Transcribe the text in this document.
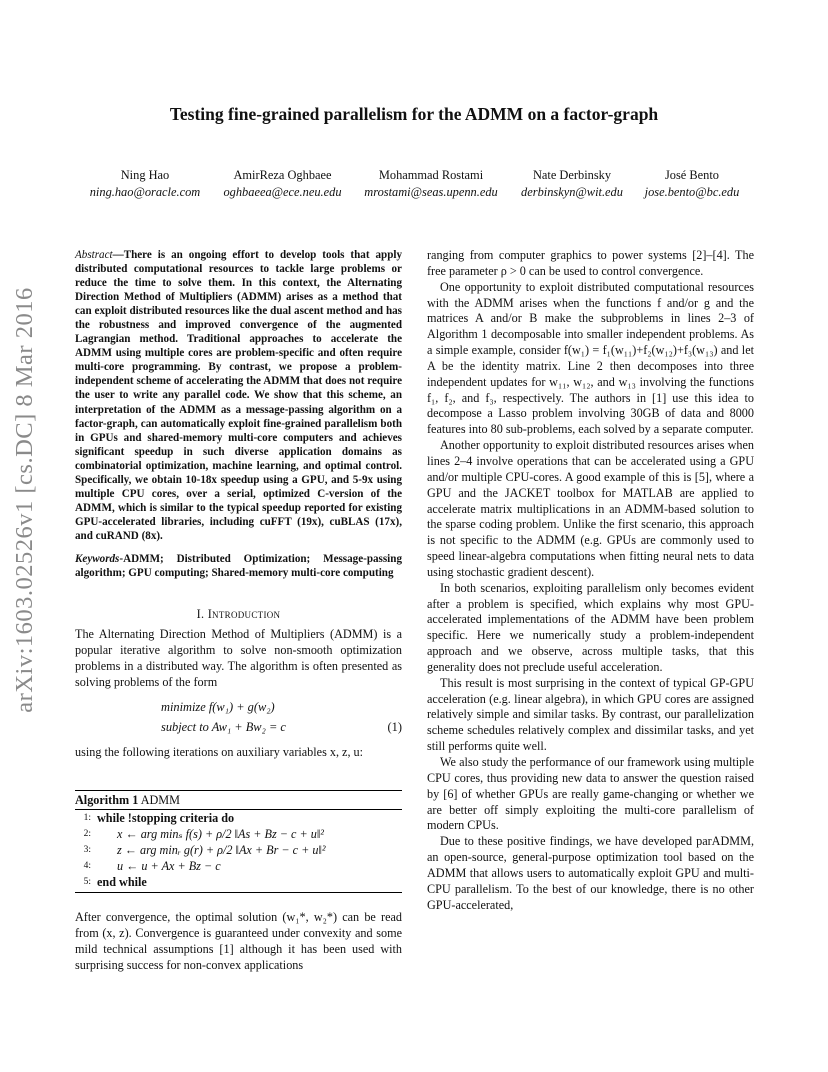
Testing fine-grained parallelism for the ADMM on a factor-graph
Ning Hao
ning.hao@oracle.com
AmirReza Oghbaee
oghbaeea@ece.neu.edu
Mohammad Rostami
mrostami@seas.upenn.edu
Nate Derbinsky
derbinskyn@wit.edu
José Bento
jose.bento@bc.edu
arXiv:1603.02526v1 [cs.DC] 8 Mar 2016
Abstract—There is an ongoing effort to develop tools that apply distributed computational resources to tackle large problems or reduce the time to solve them. In this context, the Alternating Direction Method of Multipliers (ADMM) arises as a method that can exploit distributed resources like the dual ascent method and has the robustness and improved convergence of the augmented Lagrangian method. Traditional approaches to accelerate the ADMM using multiple cores are problem-specific and often require multi-core programming. By contrast, we propose a problem-independent scheme of accelerating the ADMM that does not require the user to write any parallel code. We show that this scheme, an interpretation of the ADMM as a message-passing algorithm on a factor-graph, can automatically exploit fine-grained parallelism both in GPUs and shared-memory multi-core computers and achieves significant speedup in such diverse application domains as combinatorial optimization, machine learning, and optimal control. Specifically, we obtain 10-18x speedup using a GPU, and 5-9x using multiple CPU cores, over a serial, optimized C-version of the ADMM, which is similar to the typical speedup reported for existing GPU-accelerated libraries, including cuFFT (19x), cuBLAS (17x), and cuRAND (8x).
Keywords-ADMM; Distributed Optimization; Message-passing algorithm; GPU computing; Shared-memory multi-core computing
I. Introduction
The Alternating Direction Method of Multipliers (ADMM) is a popular iterative algorithm to solve non-smooth optimization problems in a distributed way. The algorithm is often presented as solving problems of the form
minimize f(w₁) + g(w₂)
subject to Aw₁ + Bw₂ = c	(1)
using the following iterations on auxiliary variables x, z, u:
Algorithm 1 ADMM
1: while !stopping criteria do
2: x ← arg minₛ f(s) + ρ/2 ‖As + Bz − c + u‖²
3: z ← arg minᵣ g(r) + ρ/2 ‖Ax + Br − c + u‖²
4: u ← u + Ax + Bz − c
5: end while
After convergence, the optimal solution (w₁*, w₂*) can be read from (x, z). Convergence is guaranteed under convexity and some mild technical assumptions [1] although it has been used with surprising success for non-convex applications

ranging from computer graphics to power systems [2]–[4]. The free parameter ρ > 0 can be used to control convergence.

One opportunity to exploit distributed computational resources with the ADMM arises when the functions f and/or g and the matrices A and/or B make the subproblems in lines 2–3 of Algorithm 1 decomposable into smaller independent problems. As a simple example, consider f(w₁) = f₁(w₁₁)+f₂(w₁₂)+f₃(w₁₃) and let A be the identity matrix. Line 2 then decomposes into three independent updates for w₁₁, w₁₂, and w₁₃ involving the functions f₁, f₂, and f₃, respectively. The authors in [1] use this idea to decompose a Lasso problem involving 30GB of data and 8000 features into 80 sub-problems, each solved by a separate computer.

Another opportunity to exploit distributed resources arises when lines 2–4 involve operations that can be accelerated using a GPU and/or multiple CPU-cores. A good example of this is [5], where a GPU and the JACKET toolbox for MATLAB are applied to accelerate matrix multiplications in an ADMM-based solution to the sparse coding problem. Unlike the first scenario, this approach is not specific to the ADMM (e.g. GPUs are commonly used to speed linear-algebra computations when fitting neural nets to data using stochastic gradient descent).

In both scenarios, exploiting parallelism only becomes evident after a problem is specified, which explains why most GPU-accelerated implementations of the ADMM have been problem specific. Here we numerically study a problem-independent approach and we observe, across multiple tasks, that this generality does not preclude useful acceleration.

This result is most surprising in the context of typical GP-GPU acceleration (e.g. linear algebra), in which GPU cores are assigned relatively simple and similar tasks. By contrast, our parallelization scheme schedules relatively complex and dissimilar tasks, and yet still performs quite well.

We also study the performance of our framework using multiple CPU cores, thus providing new data to answer the question raised by [6] of whether GPUs are really game-changing or whether we are better off simply exploiting the multi-core parallelism of modern CPUs.

Due to these positive findings, we have developed parADMM, an open-source, general-purpose optimization tool based on the ADMM that allows users to automatically exploit GPU and multi-CPU parallelism. To the best of our knowledge, there is no other GPU-accelerated,
